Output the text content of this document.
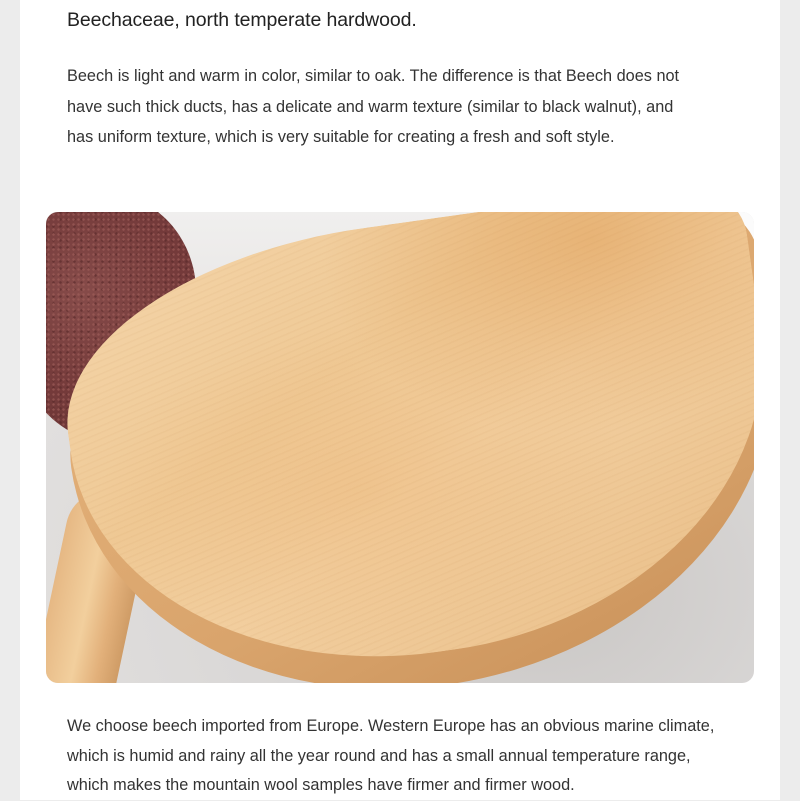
Beechaceae, north temperate hardwood.

Beech is light and warm in color, similar to oak. The difference is that Beech does not
have such thick ducts, has a delicate and warm texture (similar to black walnut), and
has uniform texture, which is very suitable for creating a fresh and soft style.

We choose beech imported from Europe. Western Europe has an obvious marine climate,
which is humid and rainy all the year round and has a small annual temperature range,
which makes the mountain wool samples have firmer and firmer wood.
